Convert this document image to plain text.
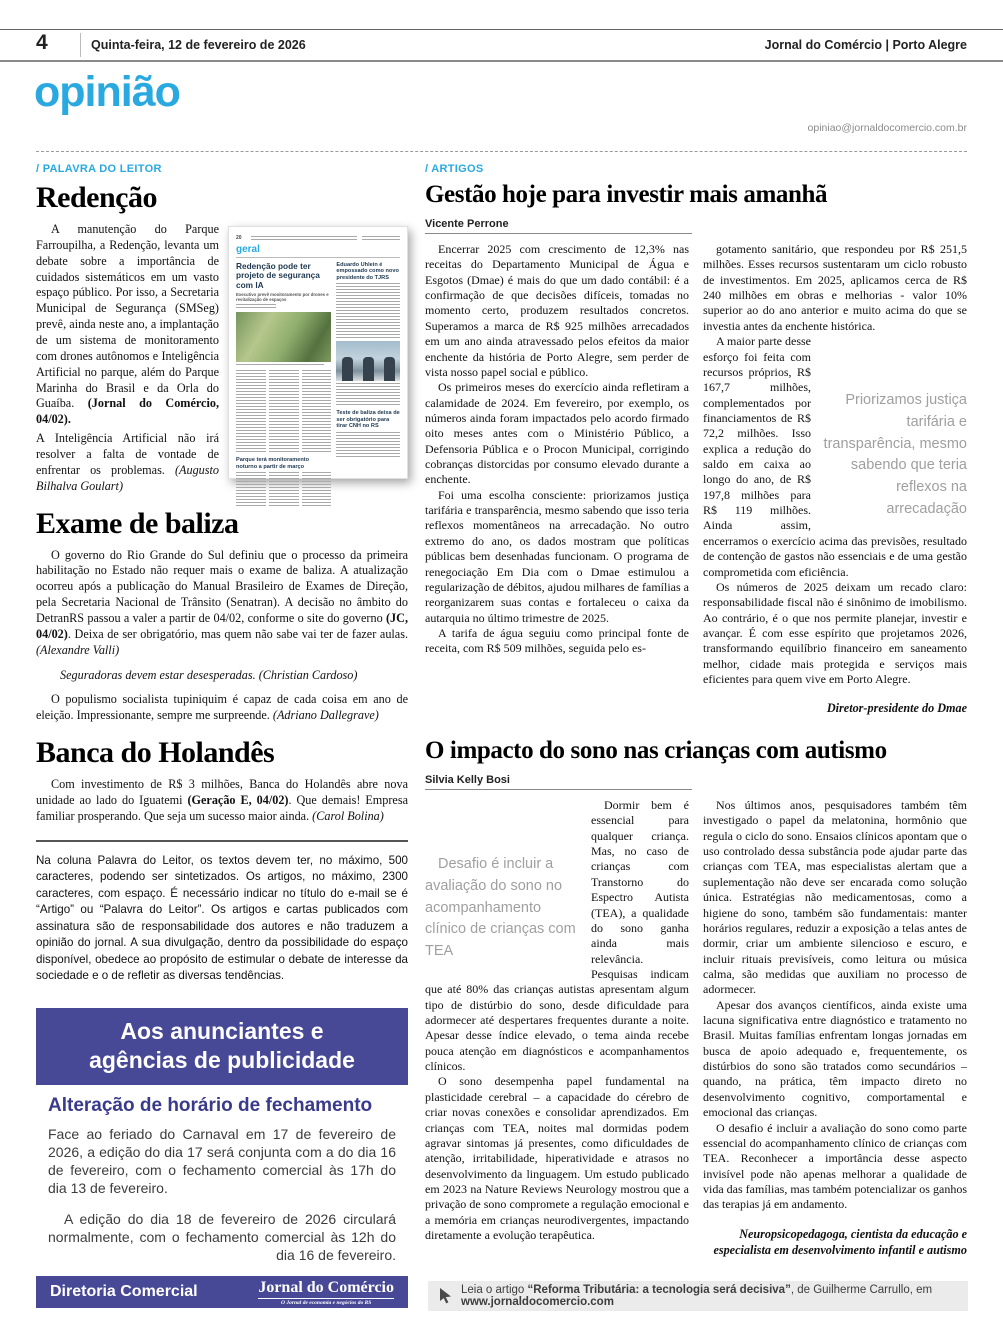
4	Quinta-feira, 12 de fevereiro de 2026	Jornal do Comércio | Porto Alegre
opinião
opiniao@jornaldocomercio.com.br
/ PALAVRA DO LEITOR	/ ARTIGOS
Redenção
20
geral
Redenção pode ter projeto de segurança com IA
Executivo prevê monitoramento por drones e revitalização de espaços
Parque terá monitoramento noturno a partir de março
Eduardo Uhlein é empossado como novo presidente do TJRS
Teste de baliza deixa de ser obrigatório para tirar CNH no RS
A manutenção do Parque Farroupilha, a Redenção, levanta um debate sobre a importância de cuidados sistemáticos em um vasto espaço público. Por isso, a Secretaria Municipal de Segurança (SMSeg) prevê, ainda neste ano, a implantação de um sistema de monitoramento com drones autônomos e Inteligência Artificial no parque, além do Parque Marinha do Brasil e da Orla do Guaíba. (Jornal do Comércio, 04/02).
A Inteligência Artificial não irá resolver a falta de vontade de enfrentar os problemas. (Augusto Bilhalva Goulart)
Exame de baliza
O governo do Rio Grande do Sul definiu que o processo da primeira habilitação no Estado não requer mais o exame de baliza. A atualização ocorreu após a publicação do Manual Brasileiro de Exames de Direção, pela Secretaria Nacional de Trânsito (Senatran). A decisão no âmbito do DetranRS passou a valer a partir de 04/02, conforme o site do governo (JC, 04/02). Deixa de ser obrigatório, mas quem não sabe vai ter de fazer aulas. (Alexandre Valli)
Seguradoras devem estar desesperadas. (Christian Cardoso)
O populismo socialista tupiniquim é capaz de cada coisa em ano de eleição. Impressionante, sempre me surpreende. (Adriano Dallegrave)
Banca do Holandês
Com investimento de R$ 3 milhões, Banca do Holandês abre nova unidade ao lado do Iguatemi (Geração E, 04/02). Que demais! Empresa familiar prosperando. Que seja um sucesso maior ainda. (Carol Bolina)
Na coluna Palavra do Leitor, os textos devem ter, no máximo, 500 caracteres, podendo ser sintetizados. Os artigos, no máximo, 2300 caracteres, com espaço. É necessário indicar no título do e-mail se é “Artigo” ou “Palavra do Leitor”. Os artigos e cartas publicados com assinatura são de responsabilidade dos autores e não traduzem a opinião do jornal. A sua divulgação, dentro da possibilidade do espaço disponível, obedece ao propósito de estimular o debate de interesse da sociedade e o de refletir as diversas tendências.
Aos anunciantes e
agências de publicidade
Alteração de horário de fechamento
Face ao feriado do Carnaval em 17 de fevereiro de 2026, a edição do dia 17 será conjunta com a do dia 16 de fevereiro, com o fechamento comercial às 17h do dia 13 de fevereiro.
A edição do dia 18 de fevereiro de 2026 circulará normalmente, com o fechamento comercial às 12h do dia 16 de fevereiro.
Diretoria Comercial	Jornal do Comércio
O Jornal de economia e negócios do RS
Gestão hoje para investir mais amanhã
Vicente Perrone
Encerrar 2025 com crescimento de 12,3% nas receitas do Departamento Municipal de Água e Esgotos (Dmae) é mais do que um dado contábil: é a confirmação de que decisões difíceis, tomadas no momento certo, produzem resultados concretos. Superamos a marca de R$ 925 milhões arrecadados em um ano ainda atravessado pelos efeitos da maior enchente da história de Porto Alegre, sem perder de vista nosso papel social e público.
Os primeiros meses do exercício ainda refletiram a calamidade de 2024. Em fevereiro, por exemplo, os números ainda foram impactados pelo acordo firmado oito meses antes com o Ministério Público, a Defensoria Pública e o Procon Municipal, corrigindo cobranças distorcidas por consumo elevado durante a enchente.
Foi uma escolha consciente: priorizamos justiça tarifária e transparência, mesmo sabendo que isso teria reflexos momentâneos na arrecadação. No outro extremo do ano, os dados mostram que políticas públicas bem desenhadas funcionam. O programa de renegociação Em Dia com o Dmae estimulou a regularização de débitos, ajudou milhares de famílias a reorganizarem suas contas e fortaleceu o caixa da autarquia no último trimestre de 2025.
A tarifa de água seguiu como principal fonte de receita, com R$ 509 milhões, seguida pelo es-
gotamento sanitário, que respondeu por R$ 251,5 milhões. Esses recursos sustentaram um ciclo robusto de investimentos. Em 2025, aplicamos cerca de R$ 240 milhões em obras e melhorias - valor 10% superior ao do ano anterior e muito acima do que se investia antes da enchente histórica.
Priorizamos justiça tarifária e transparência, mesmo sabendo que teria reflexos na arrecadação
A maior parte desse esforço foi feita com recursos próprios, R$ 167,7 milhões, complementados por financiamentos de R$ 72,2 milhões. Isso explica a redução do saldo em caixa ao longo do ano, de R$ 197,8 milhões para R$ 119 milhões. Ainda assim, encerramos o exercício acima das previsões, resultado de contenção de gastos não essenciais e de uma gestão comprometida com eficiência.
Os números de 2025 deixam um recado claro: responsabilidade fiscal não é sinônimo de imobilismo. Ao contrário, é o que nos permite planejar, investir e avançar. É com esse espírito que projetamos 2026, transformando equilíbrio financeiro em saneamento melhor, cidade mais protegida e serviços mais eficientes para quem vive em Porto Alegre.
Diretor-presidente do Dmae
O impacto do sono nas crianças com autismo
Silvia Kelly Bosi
Desafio é incluir a avaliação do sono no acompanhamento clínico de crianças com TEA
Dormir bem é essencial para qualquer criança. Mas, no caso de crianças com Transtorno do Espectro Autista (TEA), a qualidade do sono ganha ainda mais relevância. Pesquisas indicam que até 80% das crianças autistas apresentam algum tipo de distúrbio do sono, desde dificuldade para adormecer até despertares frequentes durante a noite. Apesar desse índice elevado, o tema ainda recebe pouca atenção em diagnósticos e acompanhamentos clínicos.
O sono desempenha papel fundamental na plasticidade cerebral – a capacidade do cérebro de criar novas conexões e consolidar aprendizados. Em crianças com TEA, noites mal dormidas podem agravar sintomas já presentes, como dificuldades de atenção, irritabilidade, hiperatividade e atrasos no desenvolvimento da linguagem. Um estudo publicado em 2023 na Nature Reviews Neurology mostrou que a privação de sono compromete a regulação emocional e a memória em crianças neurodivergentes, impactando diretamente a evolução terapêutica.
Nos últimos anos, pesquisadores também têm investigado o papel da melatonina, hormônio que regula o ciclo do sono. Ensaios clínicos apontam que o uso controlado dessa substância pode ajudar parte das crianças com TEA, mas especialistas alertam que a suplementação não deve ser encarada como solução única. Estratégias não medicamentosas, como a higiene do sono, também são fundamentais: manter horários regulares, reduzir a exposição a telas antes de dormir, criar um ambiente silencioso e escuro, e incluir rituais previsíveis, como leitura ou música calma, são medidas que auxiliam no processo de adormecer.
Apesar dos avanços científicos, ainda existe uma lacuna significativa entre diagnóstico e tratamento no Brasil. Muitas famílias enfrentam longas jornadas em busca de apoio adequado e, frequentemente, os distúrbios do sono são tratados como secundários – quando, na prática, têm impacto direto no desenvolvimento cognitivo, comportamental e emocional das crianças.
O desafio é incluir a avaliação do sono como parte essencial do acompanhamento clínico de crianças com TEA. Reconhecer a importância desse aspecto invisível pode não apenas melhorar a qualidade de vida das famílias, mas também potencializar os ganhos das terapias já em andamento.
Neuropsicopedagoga, cientista da educação e especialista em desenvolvimento infantil e autismo
Leia o artigo “Reforma Tributária: a tecnologia será decisiva”, de Guilherme Carrullo, em www.jornaldocomercio.com
